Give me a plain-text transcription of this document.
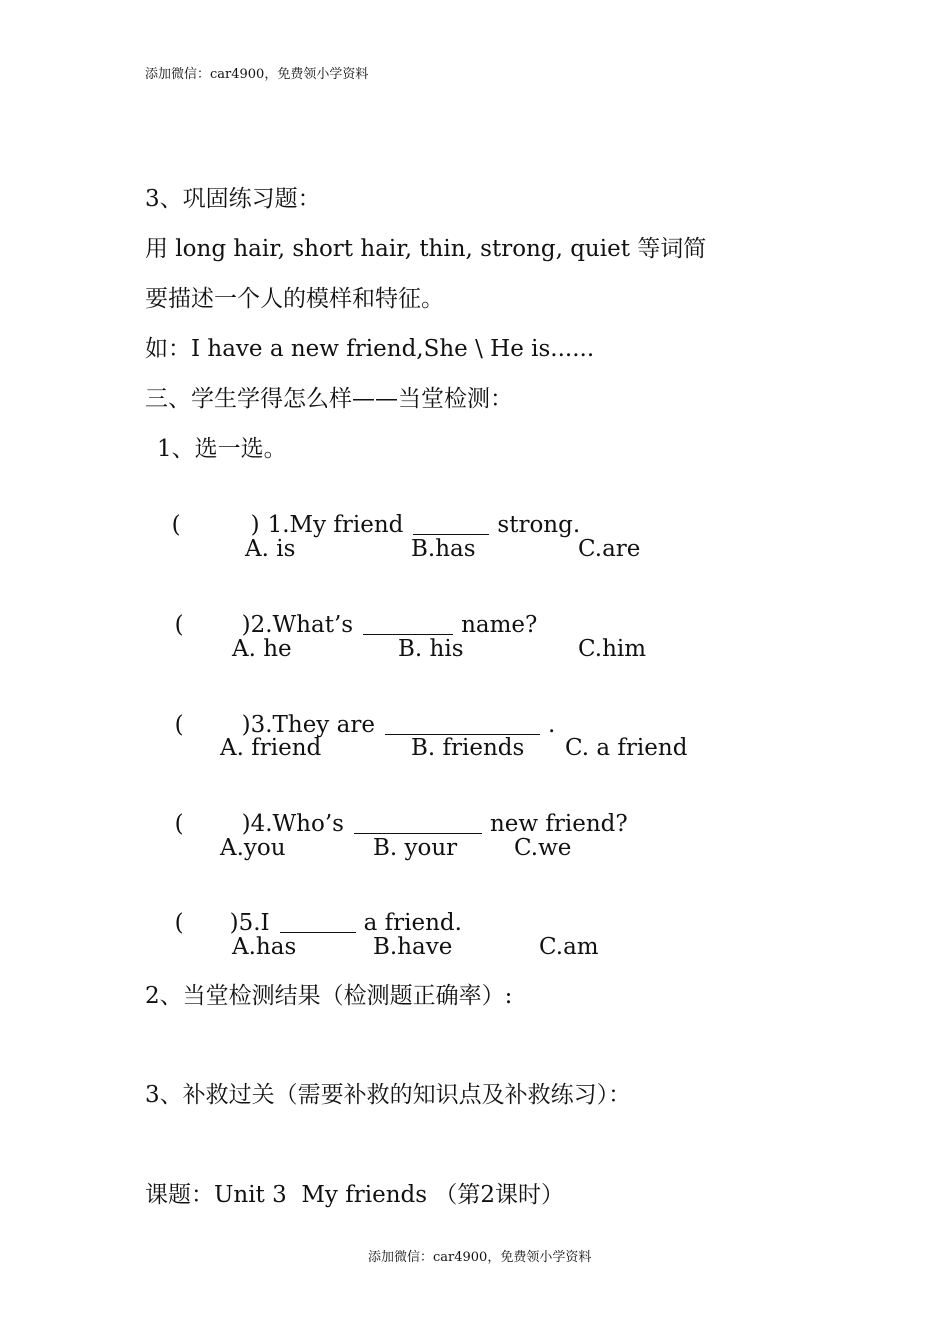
添加微信：car4900，免费领小学资料
3、巩固练习题：
用 long hair, short hair, thin, strong, quiet 等词简
要描述一个人的模样和特征。
如：I have a new friend,She \ He is......
三、学生学得怎么样——当堂检测：
1、选一选。

(	) 1.My friend	strong.

A. is	B.has	C.are

(	)2.What’s	name?

A. he	B. his	C.him

(	)3.They are	.

A. friend	B. friends C. a friend

(	)4.Who’s	new friend?

A.you	B. your C.we

( )5.I	a friend.

A.has	B.have	C.am
2、当堂检测结果（检测题正确率）:
3、补救过关（需要补救的知识点及补救练习）：
课题：Unit 3  My friends （第2课时）
添加微信：car4900，免费领小学资料
